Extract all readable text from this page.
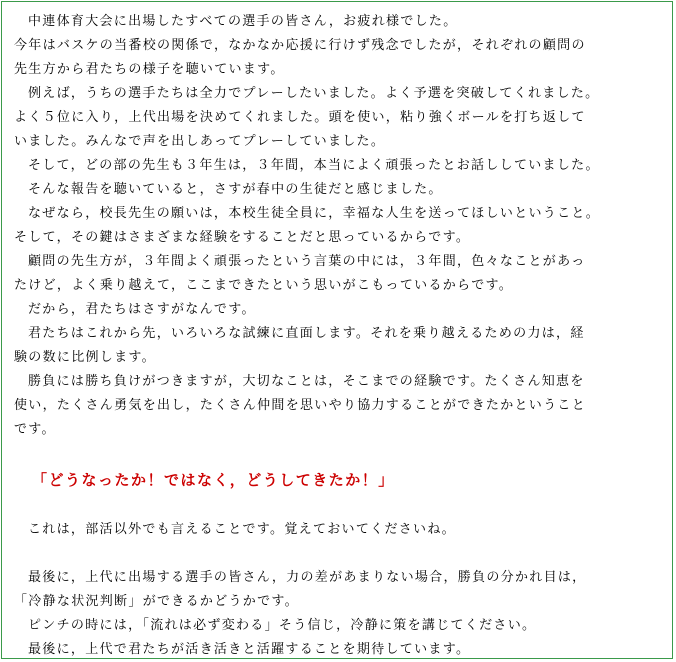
中連体育大会に出場したすべての選手の皆さん，お疲れ様でした。
今年はバスケの当番校の関係で，なかなか応援に行けず残念でしたが，それぞれの顧問の
先生方から君たちの様子を聴いています。
例えば，うちの選手たちは全力でプレーしたいました。よく予選を突破してくれました。
よく５位に入り，上代出場を決めてくれました。頭を使い，粘り強くボールを打ち返して
いました。みんなで声を出しあってプレーしていました。
そして，どの部の先生も３年生は，３年間，本当によく頑張ったとお話ししていました。
そんな報告を聴いていると，さすが春中の生徒だと感じました。
なぜなら，校長先生の願いは，本校生徒全員に，幸福な人生を送ってほしいということ。
そして，その鍵はさまざまな経験をすることだと思っているからです。
顧問の先生方が，３年間よく頑張ったという言葉の中には，３年間，色々なことがあっ
たけど，よく乗り越えて，ここまできたという思いがこもっているからです。
だから，君たちはさすがなんです。
君たちはこれから先，いろいろな試練に直面します。それを乗り越えるための力は，経
験の数に比例します。
勝負には勝ち負けがつきますが，大切なことは，そこまでの経験です。たくさん知恵を
使い，たくさん勇気を出し，たくさん仲間を思いやり協力することができたかということ
です。
「どうなったか！ではなく，どうしてきたか！」
これは，部活以外でも言えることです。覚えておいてくださいね。
最後に，上代に出場する選手の皆さん，力の差があまりない場合，勝負の分かれ目は，
「冷静な状況判断」ができるかどうかです。
ピンチの時には，「流れは必ず変わる」そう信じ，冷静に策を講じてください。
最後に，上代で君たちが活き活きと活躍することを期待しています。
